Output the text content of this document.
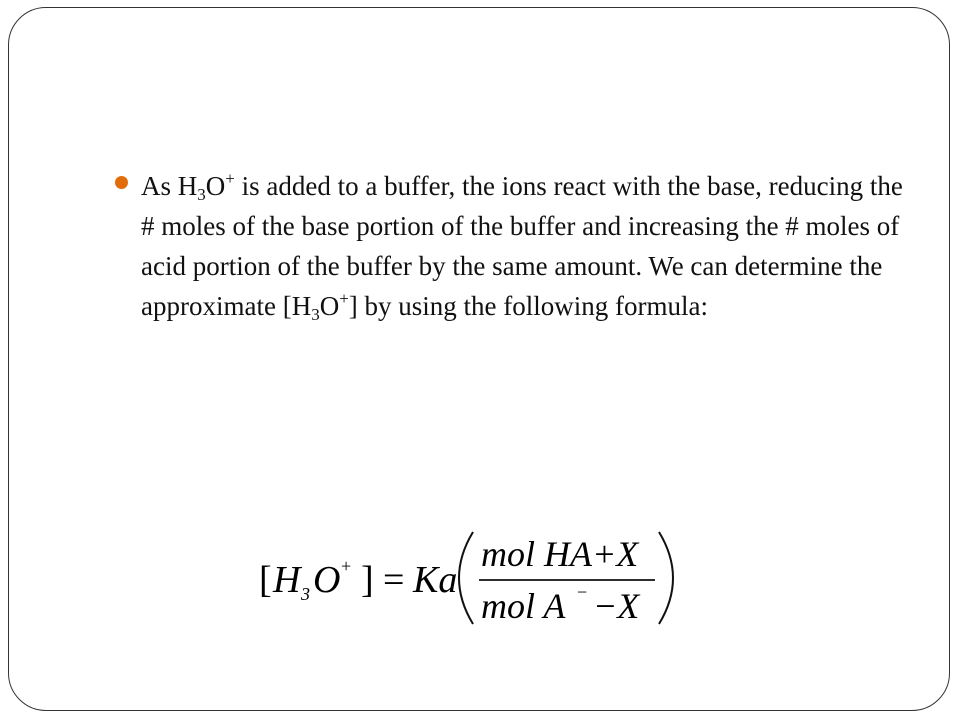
As $H_3O^+$ is added to a buffer, the ions react with the base, reducing the # moles of the base portion of the buffer and increasing the # moles of acid portion of the buffer by the same amount. We can determine the approximate $[H_3O^+]$ by using the following formula:

[ H 3 O + ] = Ka
mol HA+X
mol A − −X
